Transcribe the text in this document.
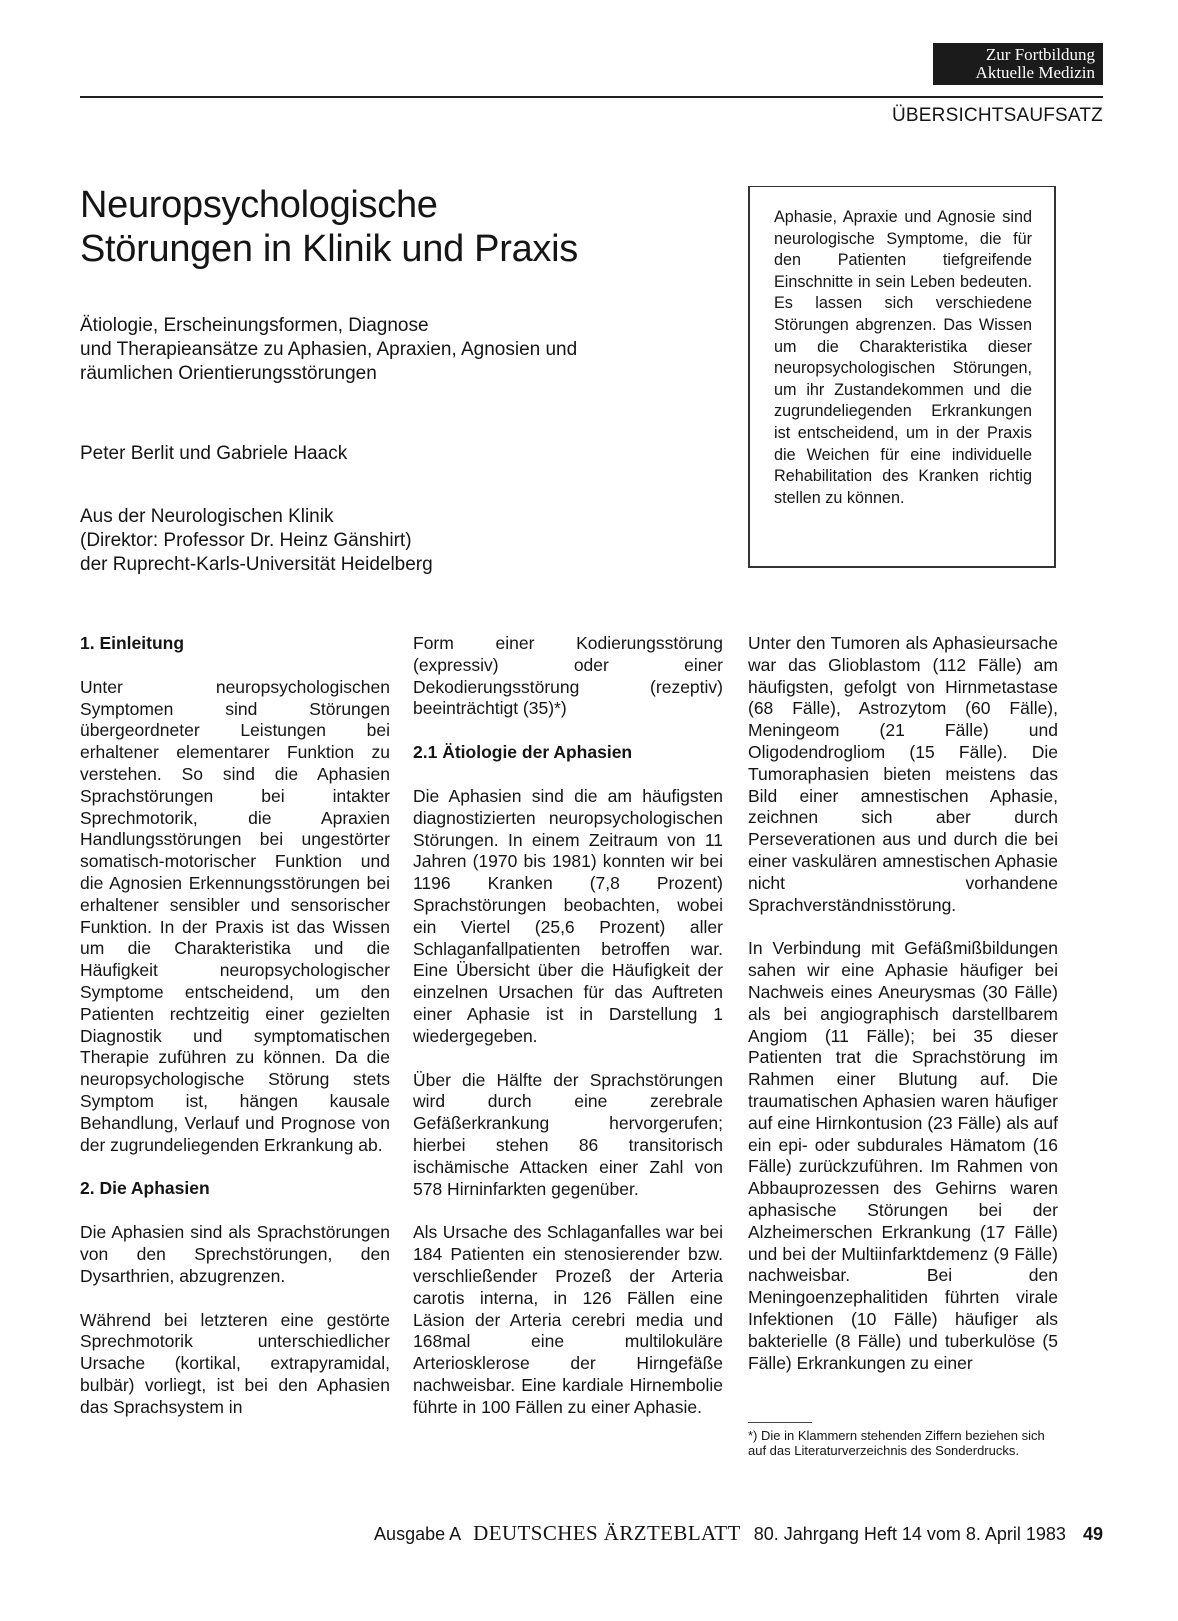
Zur Fortbildung
Aktuelle Medizin
ÜBERSICHTSAUFSATZ
Neuropsychologische
Störungen in Klinik und Praxis
Ätiologie, Erscheinungsformen, Diagnose
und Therapieansätze zu Aphasien, Apraxien, Agnosien und
räumlichen Orientierungsstörungen
Peter Berlit und Gabriele Haack
Aus der Neurologischen Klinik
(Direktor: Professor Dr. Heinz Gänshirt)
der Ruprecht-Karls-Universität Heidelberg

Aphasie, Apraxie und Agnosie sind neurologische Symptome, die für den Patienten tiefgreifende Einschnitte in sein Leben bedeuten. Es lassen sich verschiedene Störungen abgrenzen. Das Wissen um die Charakteristika dieser neuropsychologischen Störungen, um ihr Zustandekommen und die zugrundeliegenden Erkrankungen ist entscheidend, um in der Praxis die Weichen für eine individuelle Rehabilitation des Kranken richtig stellen zu können.

1. Einleitung

Unter neuropsychologischen Symptomen sind Störungen übergeordneter Leistungen bei erhaltener elementarer Funktion zu verstehen. So sind die Aphasien Sprachstörungen bei intakter Sprechmotorik, die Apraxien Handlungsstörungen bei ungestörter somatisch-motorischer Funktion und die Agnosien Erkennungsstörungen bei erhaltener sensibler und sensorischer Funktion. In der Praxis ist das Wissen um die Charakteristika und die Häufigkeit neuropsychologischer Symptome entscheidend, um den Patienten rechtzeitig einer gezielten Diagnostik und symptomatischen Therapie zuführen zu können. Da die neuropsychologische Störung stets Symptom ist, hängen kausale Behandlung, Verlauf und Prognose von der zugrundeliegenden Erkrankung ab.

2. Die Aphasien

Die Aphasien sind als Sprachstörungen von den Sprechstörungen, den Dysarthrien, abzugrenzen.

Während bei letzteren eine gestörte Sprechmotorik unterschiedlicher Ursache (kortikal, extrapyramidal, bulbär) vorliegt, ist bei den Aphasien das Sprachsystem in

Form einer Kodierungsstörung (expressiv) oder einer Dekodierungsstörung (rezeptiv) beeinträchtigt (35)*)

2.1 Ätiologie der Aphasien

Die Aphasien sind die am häufigsten diagnostizierten neuropsychologischen Störungen. In einem Zeitraum von 11 Jahren (1970 bis 1981) konnten wir bei 1196 Kranken (7,8 Prozent) Sprachstörungen beobachten, wobei ein Viertel (25,6 Prozent) aller Schlaganfallpatienten betroffen war. Eine Übersicht über die Häufigkeit der einzelnen Ursachen für das Auftreten einer Aphasie ist in Darstellung 1 wiedergegeben.

Über die Hälfte der Sprachstörungen wird durch eine zerebrale Gefäßerkrankung hervorgerufen; hierbei stehen 86 transitorisch ischämische Attacken einer Zahl von 578 Hirninfarkten gegenüber.

Als Ursache des Schlaganfalles war bei 184 Patienten ein stenosierender bzw. verschließender Prozeß der Arteria carotis interna, in 126 Fällen eine Läsion der Arteria cerebri media und 168mal eine multilokuläre Arteriosklerose der Hirngefäße nachweisbar. Eine kardiale Hirnembolie führte in 100 Fällen zu einer Aphasie.

Unter den Tumoren als Aphasieursache war das Glioblastom (112 Fälle) am häufigsten, gefolgt von Hirnmetastase (68 Fälle), Astrozytom (60 Fälle), Meningeom (21 Fälle) und Oligodendrogliom (15 Fälle). Die Tumoraphasien bieten meistens das Bild einer amnestischen Aphasie, zeichnen sich aber durch Perseverationen aus und durch die bei einer vaskulären amnestischen Aphasie nicht vorhandene Sprachverständnisstörung.

In Verbindung mit Gefäßmißbildungen sahen wir eine Aphasie häufiger bei Nachweis eines Aneurysmas (30 Fälle) als bei angiographisch darstellbarem Angiom (11 Fälle); bei 35 dieser Patienten trat die Sprachstörung im Rahmen einer Blutung auf. Die traumatischen Aphasien waren häufiger auf eine Hirnkontusion (23 Fälle) als auf ein epi- oder subdurales Hämatom (16 Fälle) zurückzuführen. Im Rahmen von Abbauprozessen des Gehirns waren aphasische Störungen bei der Alzheimerschen Erkrankung (17 Fälle) und bei der Multiinfarktdemenz (9 Fälle) nachweisbar. Bei den Meningoenzephalitiden führten virale Infektionen (10 Fälle) häufiger als bakterielle (8 Fälle) und tuberkulöse (5 Fälle) Erkrankungen zu einer

*) Die in Klammern stehenden Ziffern beziehen sich auf das Literaturverzeichnis des Sonderdrucks.
Ausgabe A DEUTSCHES ÄRZTEBLATT 80. Jahrgang Heft 14 vom 8. April 1983 49
